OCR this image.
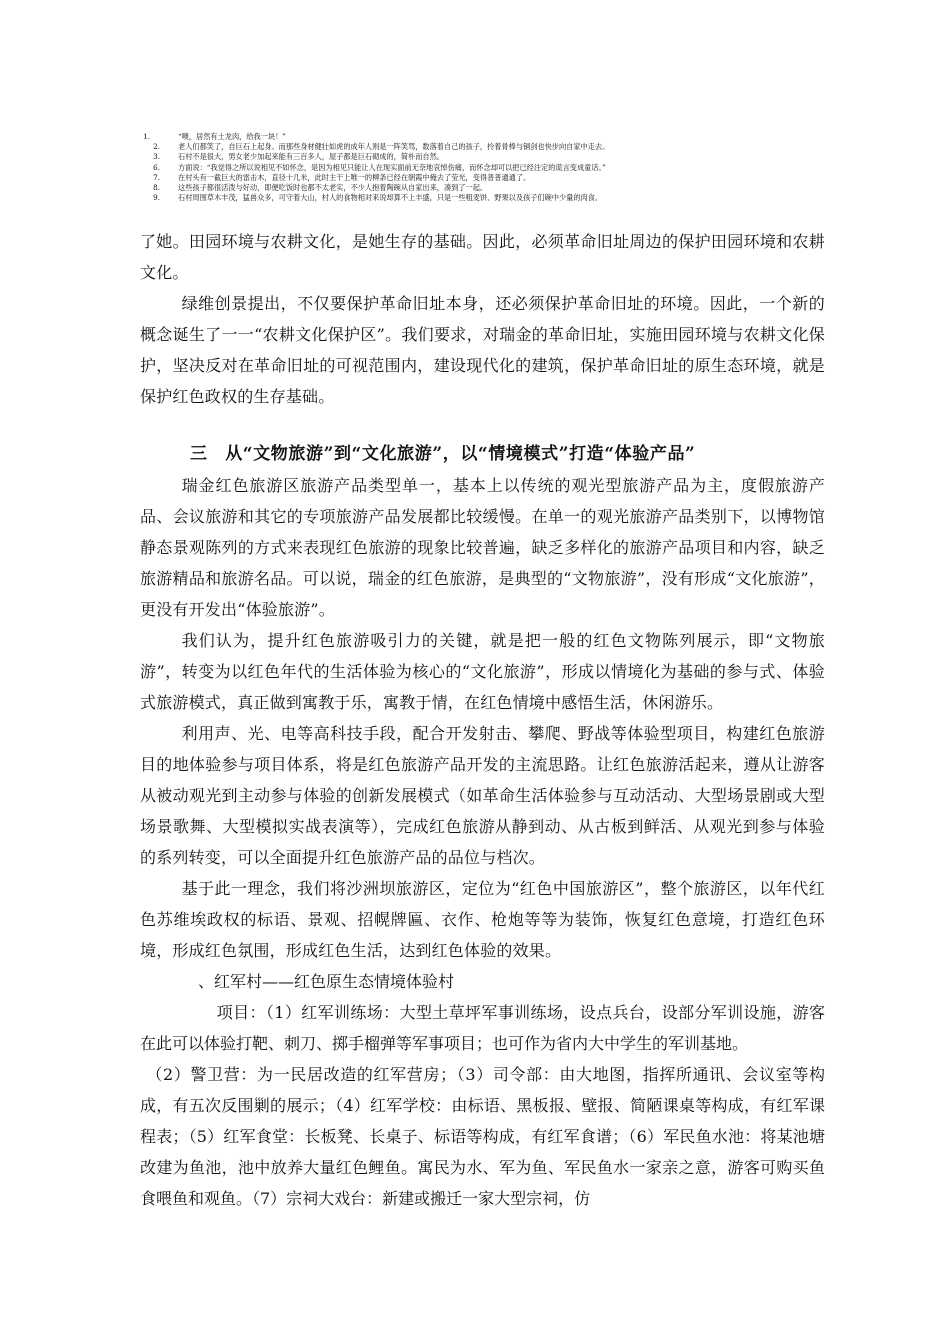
1.	“噢，居然有土龙肉，给我一块！”
2.	老人们都笑了，自巨石上起身。而那些身材健壮如虎的成年人则是一阵笑骂，数落着自己的孩子，拎着骨棒与铜剑也快步向自家中走去。
3.	石村不是很大，男女老少加起来能有三百多人，屋子都是巨石砌成的，简朴而自然。
6.	方面说：“我觉得之所以说相见不如怀念，是因为相见只能让人在现实面前无奈地哀悼伤痛，而怀念却可以把已经注定的谎言变成童话。”
7.	在村头有一截巨大的雷击木，直径十几米，此时主干上唯一的柳条已经在朝霞中掩去了莹光，变得普普通通了。
8.	这些孩子都很活泼与好动，即便吃饭时也都不太老实，不少人抱着陶碗从自家出来，凑到了一起。
9.	石村周围草木丰茂，猛兽众多，可守着大山，村人的食物相对来说却算不上丰盛，只是一些粗麦饼、野果以及孩子们碗中少量的肉食。

了她。田园环境与农耕文化，是她生存的基础。因此，必须革命旧址周边的保护田园环境和农耕文化。

绿维创景提出，不仅要保护革命旧址本身，还必须保护革命旧址的环境。因此，一个新的概念诞生了一一“农耕文化保护区”。我们要求，对瑞金的革命旧址，实施田园环境与农耕文化保护，坚决反对在革命旧址的可视范围内，建设现代化的建筑，保护革命旧址的原生态环境，就是保护红色政权的生存基础。

三　从“文物旅游”到“文化旅游”，以“情境模式”打造“体验产品”

瑞金红色旅游区旅游产品类型单一，基本上以传统的观光型旅游产品为主，度假旅游产品、会议旅游和其它的专项旅游产品发展都比较缓慢。在单一的观光旅游产品类别下，以博物馆静态景观陈列的方式来表现红色旅游的现象比较普遍，缺乏多样化的旅游产品项目和内容，缺乏旅游精品和旅游名品。可以说，瑞金的红色旅游，是典型的“文物旅游”，没有形成“文化旅游”，更没有开发出“体验旅游”。

我们认为，提升红色旅游吸引力的关键，就是把一般的红色文物陈列展示，即“文物旅游”，转变为以红色年代的生活体验为核心的“文化旅游”，形成以情境化为基础的参与式、体验式旅游模式，真正做到寓教于乐，寓教于情，在红色情境中感悟生活，休闲游乐。

利用声、光、电等高科技手段，配合开发射击、攀爬、野战等体验型项目，构建红色旅游目的地体验参与项目体系，将是红色旅游产品开发的主流思路。让红色旅游活起来，遵从让游客从被动观光到主动参与体验的创新发展模式（如革命生活体验参与互动活动、大型场景剧或大型场景歌舞、大型模拟实战表演等），完成红色旅游从静到动、从古板到鲜活、从观光到参与体验的系列转变，可以全面提升红色旅游产品的品位与档次。

基于此一理念，我们将沙洲坝旅游区，定位为“红色中国旅游区”，整个旅游区，以年代红色苏维埃政权的标语、景观、招幌牌匾、衣作、枪炮等等为装饰，恢复红色意境，打造红色环境，形成红色氛围，形成红色生活，达到红色体验的效果。

、红军村——红色原生态情境体验村

项目：（1）红军训练场：大型土草坪军事训练场，设点兵台，设部分军训设施，游客在此可以体验打靶、刺刀、掷手榴弹等军事项目；也可作为省内大中学生的军训基地。

（2）警卫营：为一民居改造的红军营房；（3）司令部：由大地图，指挥所通讯、会议室等构成，有五次反围剿的展示；（4）红军学校：由标语、黑板报、壁报、简陋课桌等构成，有红军课程表；（5）红军食堂：长板凳、长桌子、标语等构成，有红军食谱；（6）军民鱼水池：将某池塘改建为鱼池，池中放养大量红色鲤鱼。寓民为水、军为鱼、军民鱼水一家亲之意，游客可购买鱼食喂鱼和观鱼。（7）宗祠大戏台：新建或搬迁一家大型宗祠，仿
